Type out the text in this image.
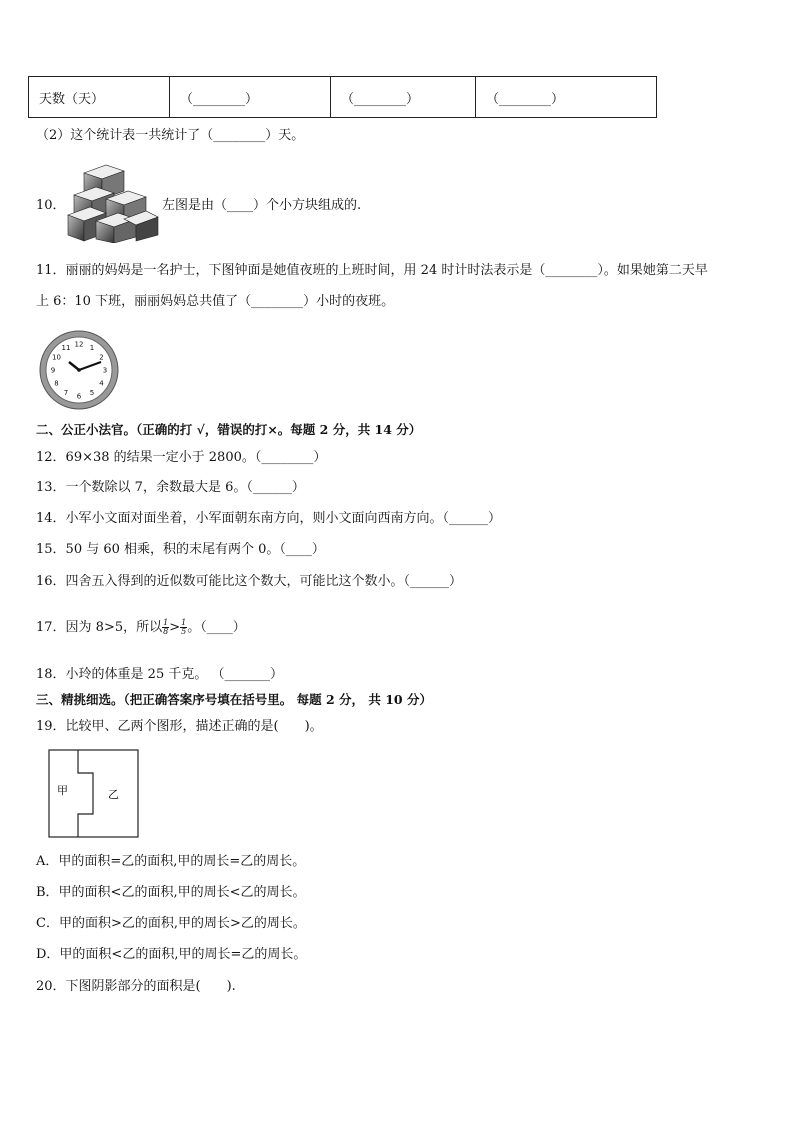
天数（天）	（________）	（________）	（________）
（2）这个统计表一共统计了（________）天。
10．	左图是由（____）个小方块组成的.
11．丽丽的妈妈是一名护士，下图钟面是她值夜班的上班时间，用 24 时计时法表示是（________）。如果她第二天早
上 6：10 下班，丽丽妈妈总共值了（________）小时的夜班。
12 1
2
3
4
5
6
7
8
9
10
11
二、公正小法官。（正确的打 √，错误的打×。每题 2 分，共 14 分）
12．69×38 的结果一定小于 2800。（________）
13．一个数除以 7，余数最大是 6。（______）
14．小军小文面对面坐着，小军面朝东南方向，则小文面向西南方向。（______）
15．50 与 60 相乘，积的末尾有两个 0。（____）
16．四舍五入得到的近似数可能比这个数大，可能比这个数小。（______）
17．因为 8>5，所以 $\frac{1}{8} > \frac{1}{5}$ 。（____）
18．小玲的体重是 25 千克。 （_______）
三、精挑细选。（把正确答案序号填在括号里。 每题 2 分， 共 10 分）
19．比较甲、乙两个图形，描述正确的是(　　)。
甲	乙
A．甲的面积=乙的面积,甲的周长=乙的周长。
B．甲的面积<乙的面积,甲的周长<乙的周长。
C．甲的面积>乙的面积,甲的周长>乙的周长。
D．甲的面积<乙的面积,甲的周长=乙的周长。
20．下图阴影部分的面积是(　　).
